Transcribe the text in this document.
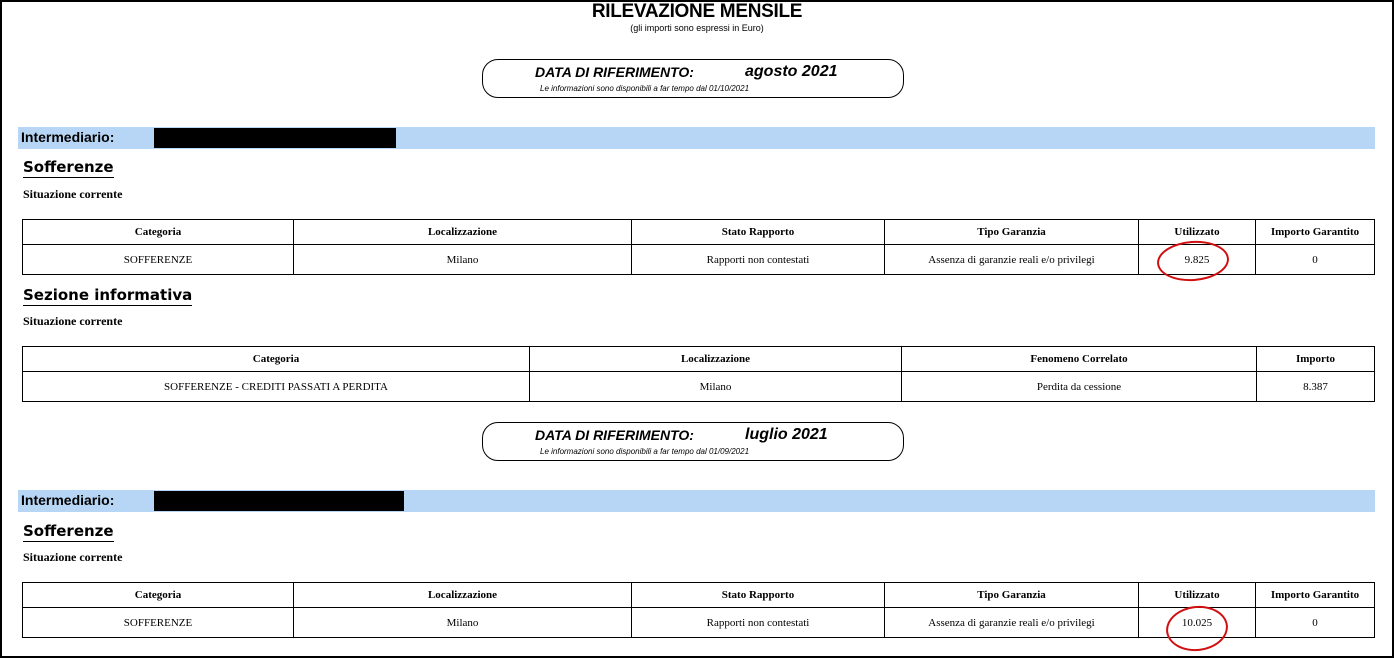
RILEVAZIONE MENSILE
(gli importi sono espressi in Euro)
DATA DI RIFERIMENTO:	agosto 2021
Le informazioni sono disponibili a far tempo dal 01/10/2021
Intermediario:
Sofferenze
Situazione corrente
Categoria	Localizzazione	Stato Rapporto	Tipo Garanzia	Utilizzato	Importo Garantito
SOFFERENZE	Milano	Rapporti non contestati	Assenza di garanzie reali e/o privilegi	9.825	0
Sezione informativa
Situazione corrente
Categoria	Localizzazione	Fenomeno Correlato	Importo
SOFFERENZE - CREDITI PASSATI A PERDITA	Milano	Perdita da cessione	8.387
DATA DI RIFERIMENTO:	luglio 2021
Le informazioni sono disponibili a far tempo dal 01/09/2021
Intermediario:
Sofferenze
Situazione corrente
Categoria	Localizzazione	Stato Rapporto	Tipo Garanzia	Utilizzato	Importo Garantito
SOFFERENZE	Milano	Rapporti non contestati	Assenza di garanzie reali e/o privilegi	10.025	0
